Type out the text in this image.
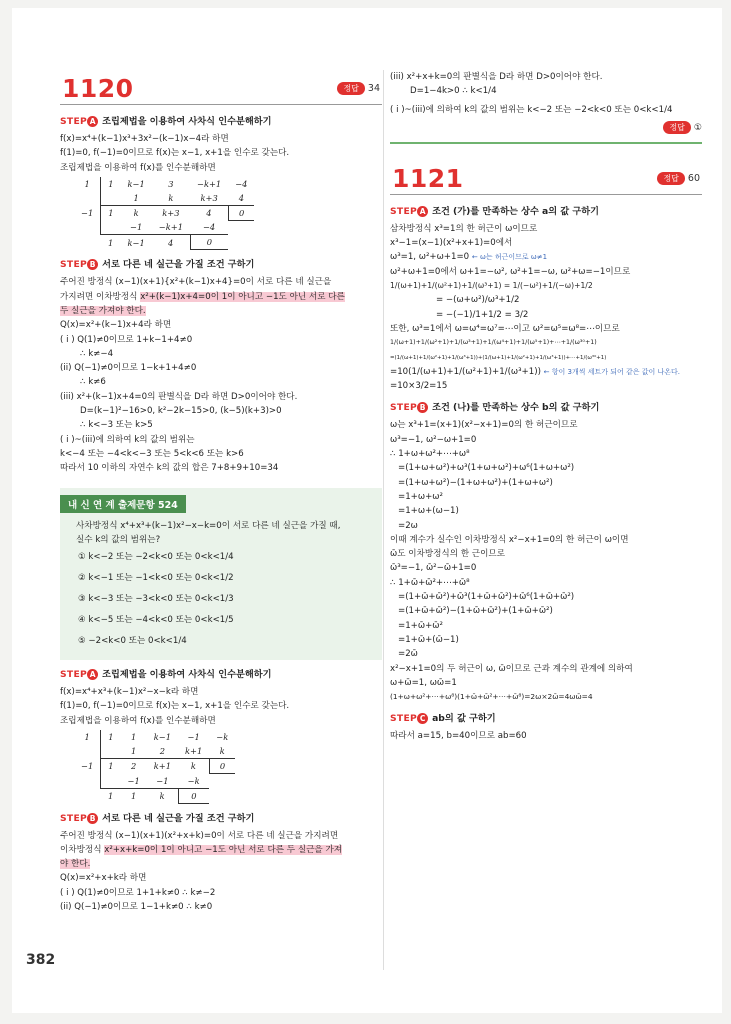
1120	정답 34
STEP A 조립제법을 이용하여 사차식 인수분해하기
f(x)=x⁴+(k−1)x³+3x²−(k−1)x−4라 하면
f(1)=0, f(−1)=0이므로 f(x)는 x−1, x+1을 인수로 갖는다.
조립제법을 이용하여 f(x)를 인수분해하면
1	1	k−1	3	−k+1	−4
		1	k	k+3	4
−1	1	k	k+3	4	0
		−1	−k+1	−4	
	1	k−1	4	0	
STEP B 서로 다른 네 실근을 가질 조건 구하기
주어진 방정식 (x−1)(x+1){x²+(k−1)x+4}=0이 서로 다른 네 실근을
가지려면 이차방정식 x²+(k−1)x+4=0이 1이 아니고 −1도 아닌 서로 다른
두 실근을 가져야 한다.
Q(x)=x²+(k−1)x+4라 하면
( i ) Q(1)≠0이므로 1+k−1+4≠0
∴ k≠−4
(ii) Q(−1)≠0이므로 1−k+1+4≠0
∴ k≠6
(iii) x²+(k−1)x+4=0의 판별식을 D라 하면 D>0이어야 한다.
D=(k−1)²−16>0, k²−2k−15>0, (k−5)(k+3)>0
∴ k<−3 또는 k>5
( i )~(iii)에 의하여 k의 값의 범위는
k<−4 또는 −4<k<−3 또는 5<k<6 또는 k>6
따라서 10 이하의 자연수 k의 값의 합은 7+8+9+10=34
내 신 연 계 출제문항 524
사차방정식 x⁴+x³+(k−1)x²−x−k=0이 서로 다른 네 실근을 가질 때,
실수 k의 값의 범위는?
① k<−2 또는 −2<k<0 또는 0<k<1/4
② k<−1 또는 −1<k<0 또는 0<k<1/2
③ k<−3 또는 −3<k<0 또는 0<k<1/3
④ k<−5 또는 −4<k<0 또는 0<k<1/5
⑤ −2<k<0 또는 0<k<1/4
STEP A 조립제법을 이용하여 사차식 인수분해하기
f(x)=x⁴+x³+(k−1)x²−x−k라 하면
f(1)=0, f(−1)=0이므로 f(x)는 x−1, x+1을 인수로 갖는다.
조립제법을 이용하여 f(x)를 인수분해하면
1	1	1	k−1	−1	−k
		1	2	k+1	k
−1	1	2	k+1	k	0
		−1	−1	−k	
	1	1	k	0	
STEP B 서로 다른 네 실근을 가질 조건 구하기
주어진 방정식 (x−1)(x+1)(x²+x+k)=0이 서로 다른 네 실근을 가지려면
이차방정식 x²+x+k=0이 1이 아니고 −1도 아닌 서로 다른 두 실근을 가져
야 한다.
Q(x)=x²+x+k라 하면
( i ) Q(1)≠0이므로 1+1+k≠0 ∴ k≠−2
(ii) Q(−1)≠0이므로 1−1+k≠0 ∴ k≠0
382
(iii) x²+x+k=0의 판별식을 D라 하면 D>0이어야 한다.
D=1−4k>0 ∴ k<1/4
( i )~(iii)에 의하여 k의 값의 범위는 k<−2 또는 −2<k<0 또는 0<k<1/4
정답 ①
1121	정답 60
STEP A 조건 (가)를 만족하는 상수 a의 값 구하기
삼차방정식 x³=1의 한 허근이 ω이므로
x³−1=(x−1)(x²+x+1)=0에서
ω³=1, ω²+ω+1=0 ← ω는 허근이므로 ω≠1
ω²+ω+1=0에서 ω+1=−ω², ω²+1=−ω, ω²+ω=−1이므로
1/(ω+1)+1/(ω²+1)+1/(ω³+1) = 1/(−ω²)+1/(−ω)+1/2
= −(ω+ω²)/ω³+1/2
= −(−1)/1+1/2 = 3/2
또한, ω³=1에서 ω=ω⁴=ω⁷=⋯이고 ω²=ω⁵=ω⁸=⋯이므로
1/(ω+1)+1/(ω²+1)+1/(ω³+1)+1/(ω⁴+1)+1/(ω⁵+1)+⋯+1/(ω³⁰+1)
=(1/(ω+1)+1/(ω²+1)+1/(ω³+1))+(1/(ω+1)+1/(ω²+1)+1/(ω³+1))+⋯+1/(ω³⁰+1)
=10(1/(ω+1)+1/(ω²+1)+1/(ω³+1)) ← 항이 3개씩 세트가 되어 같은 값이 나온다.
=10×3/2=15
STEP B 조건 (나)를 만족하는 상수 b의 값 구하기
ω는 x³+1=(x+1)(x²−x+1)=0의 한 허근이므로
ω³=−1, ω²−ω+1=0
∴ 1+ω+ω²+⋯+ω⁸
=(1+ω+ω²)+ω³(1+ω+ω²)+ω⁶(1+ω+ω²)
=(1+ω+ω²)−(1+ω+ω²)+(1+ω+ω²)
=1+ω+ω²
=1+ω+(ω−1)
=2ω
이때 계수가 실수인 이차방정식 x²−x+1=0의 한 허근이 ω이면
ω̄도 이차방정식의 한 근이므로
ω̄³=−1, ω̄²−ω̄+1=0
∴ 1+ω̄+ω̄²+⋯+ω̄⁸
=(1+ω̄+ω̄²)+ω̄³(1+ω̄+ω̄²)+ω̄⁶(1+ω̄+ω̄²)
=(1+ω̄+ω̄²)−(1+ω̄+ω̄²)+(1+ω̄+ω̄²)
=1+ω̄+ω̄²
=1+ω̄+(ω̄−1)
=2ω̄
x²−x+1=0의 두 허근이 ω, ω̄이므로 근과 계수의 관계에 의하여
ω+ω̄=1, ωω̄=1
(1+ω+ω²+⋯+ω⁸)(1+ω̄+ω̄²+⋯+ω̄⁸)=2ω×2ω̄=4ωω̄=4
STEP C ab의 값 구하기
따라서 a=15, b=40이므로 ab=60
